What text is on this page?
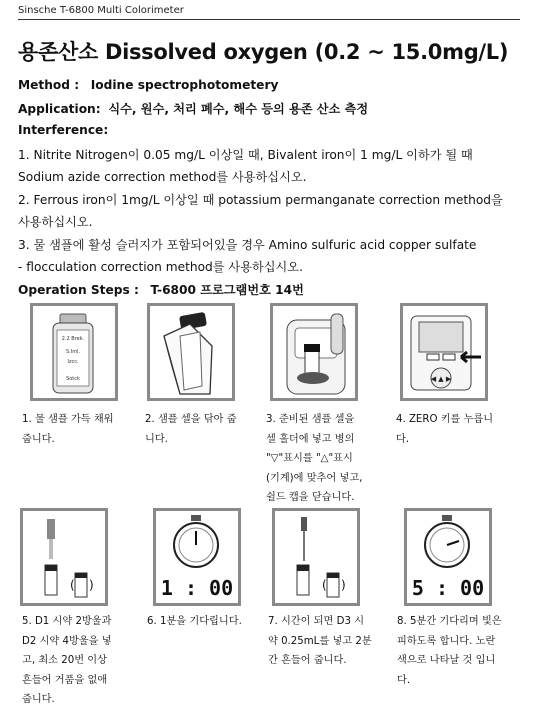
Sinsche T-6800 Multi Colorimeter
용존산소 Dissolved oxygen (0.2 ~ 15.0mg/L)
Method : Iodine spectrophotometery
Application: 식수, 원수, 처리 폐수, 해수 등의 용존 산소 측정
Interference:
1. Nitrite Nitrogen이 0.05 mg/L 이상일 때, Bivalent iron이 1 mg/L 이하가 될 때
Sodium azide correction method를 사용하십시오.
2. Ferrous iron이 1mg/L 이상일 때 potassium permanganate correction method을
사용하십시오.
3. 물 샘플에 활성 슬러지가 포함되어있을 경우 Amino sulfuric acid copper sulfate
- flocculation correction method를 사용하십시오.
Operation Steps : T-6800 프로그램번호 14번
2.2 Brek.
S.Iml.
Izcc.
Sotck	◀ ▲ ▶
1. 물 샘플 가득 채워
줍니다.
2. 샘플 셀을 닦아 줍
니다.
3. 준비된 샘플 셀을
셀 홀더에 넣고 병의
"▽"표시를 "△"표시
(기계)에 맞추어 넣고,
쉴드 캡을 닫습니다.
4. ZERO 키를 누릅니
다.
( )	1 : 00	( )	5 : 00
5. D1 시약 2방울과
D2 시약 4방울을 넣
고, 최소 20번 이상
흔들어 거품을 없애
줍니다.
6. 1분을 기다립니다.	7. 시간이 되면 D3 시
약 0.25mL를 넣고 2분
간 흔들어 줍니다.
8. 5분간 기다리며 빛은
피하도록 합니다. 노란
색으로 나타날 것 입니
다.
